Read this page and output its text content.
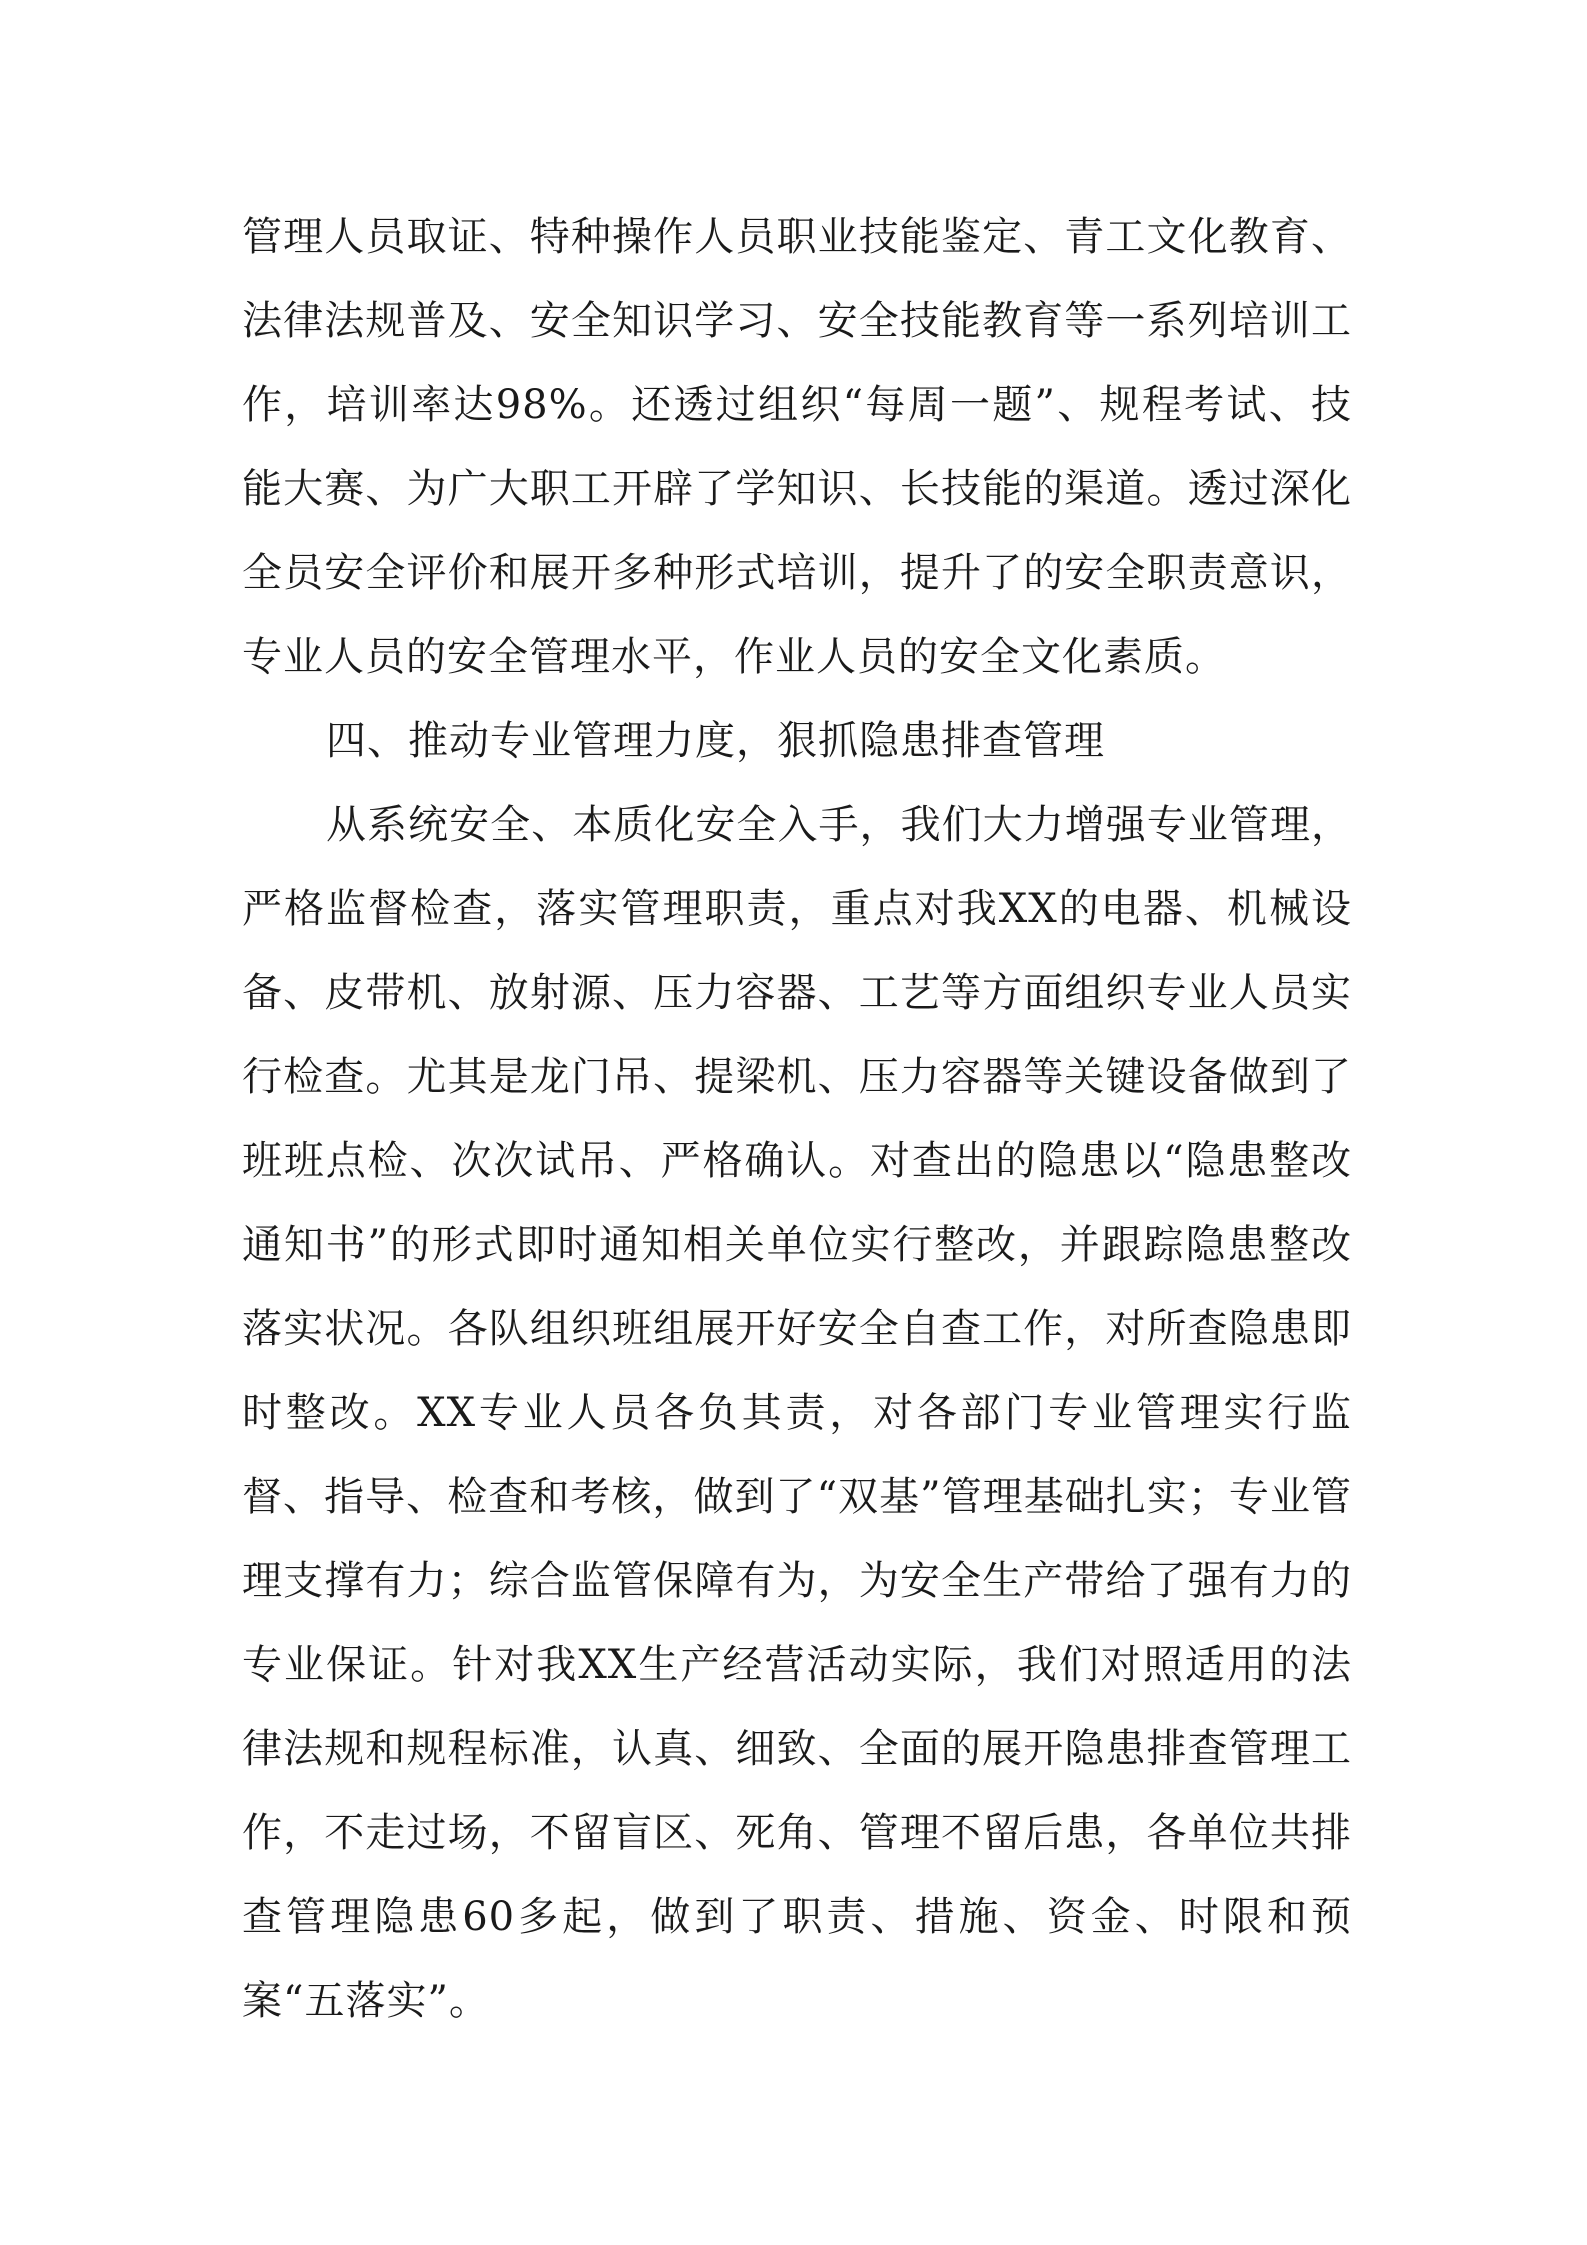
管理人员取证、特种操作人员职业技能鉴定、青工文化教育、法律法规普及、安全知识学习、安全技能教育等一系列培训工作，培训率达98%。还透过组织“每周一题”、规程考试、技能大赛、为广大职工开辟了学知识、长技能的渠道。透过深化全员安全评价和展开多种形式培训，提升了的安全职责意识，专业人员的安全管理水平，作业人员的安全文化素质。

四、推动专业管理力度，狠抓隐患排查管理

从系统安全、本质化安全入手，我们大力增强专业管理，严格监督检查，落实管理职责，重点对我XX的电器、机械设备、皮带机、放射源、压力容器、工艺等方面组织专业人员实行检查。尤其是龙门吊、提梁机、压力容器等关键设备做到了班班点检、次次试吊、严格确认。对查出的隐患以“隐患整改通知书”的形式即时通知相关单位实行整改，并跟踪隐患整改落实状况。各队组织班组展开好安全自查工作，对所查隐患即时整改。XX专业人员各负其责，对各部门专业管理实行监督、指导、检查和考核，做到了“双基”管理基础扎实；专业管理支撑有力；综合监管保障有为，为安全生产带给了强有力的专业保证。针对我XX生产经营活动实际，我们对照适用的法律法规和规程标准，认真、细致、全面的展开隐患排查管理工作，不走过场，不留盲区、死角、管理不留后患，各单位共排查管理隐患60多起，做到了职责、措施、资金、时限和预案“五落实”。
